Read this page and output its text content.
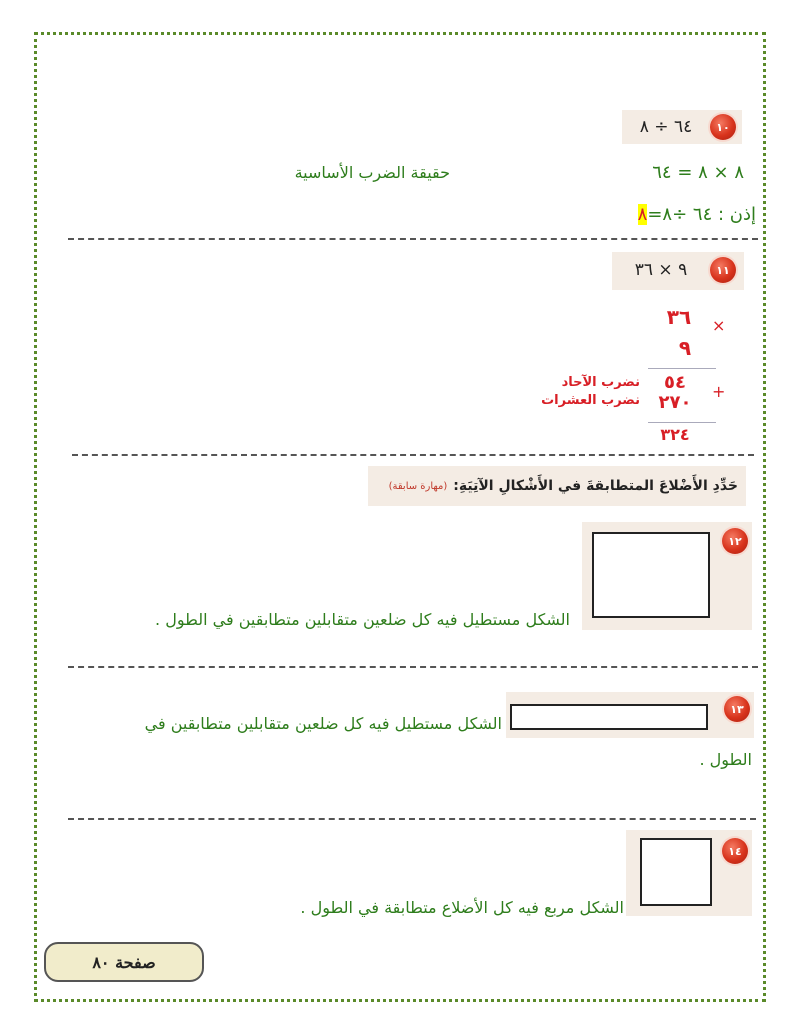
١٠
٦٤ ÷ ٨
حقيقة الضرب الأساسية	٨ × ٨ = ٦٤
إذن : ٦٤ ÷٨=٨
١١
٩ × ٣٦
×
٣٦
٩
+
٥٤
٢٧٠
نضرب الآحاد
نضرب العشرات
٣٢٤
حَدِّدِ الأَضْلاعَ المتطابقةَ في الأَشْكالِ الآتِيَةِ:
(مهارة سابقة)
١٢
الشكل مستطيل فيه كل ضلعين متقابلين متطابقين في الطول .
١٣
الشكل مستطيل فيه كل ضلعين متقابلين متطابقين في
الطول .
١٤
الشكل مربع فيه كل الأضلاع متطابقة في الطول .
صفحة ٨٠
